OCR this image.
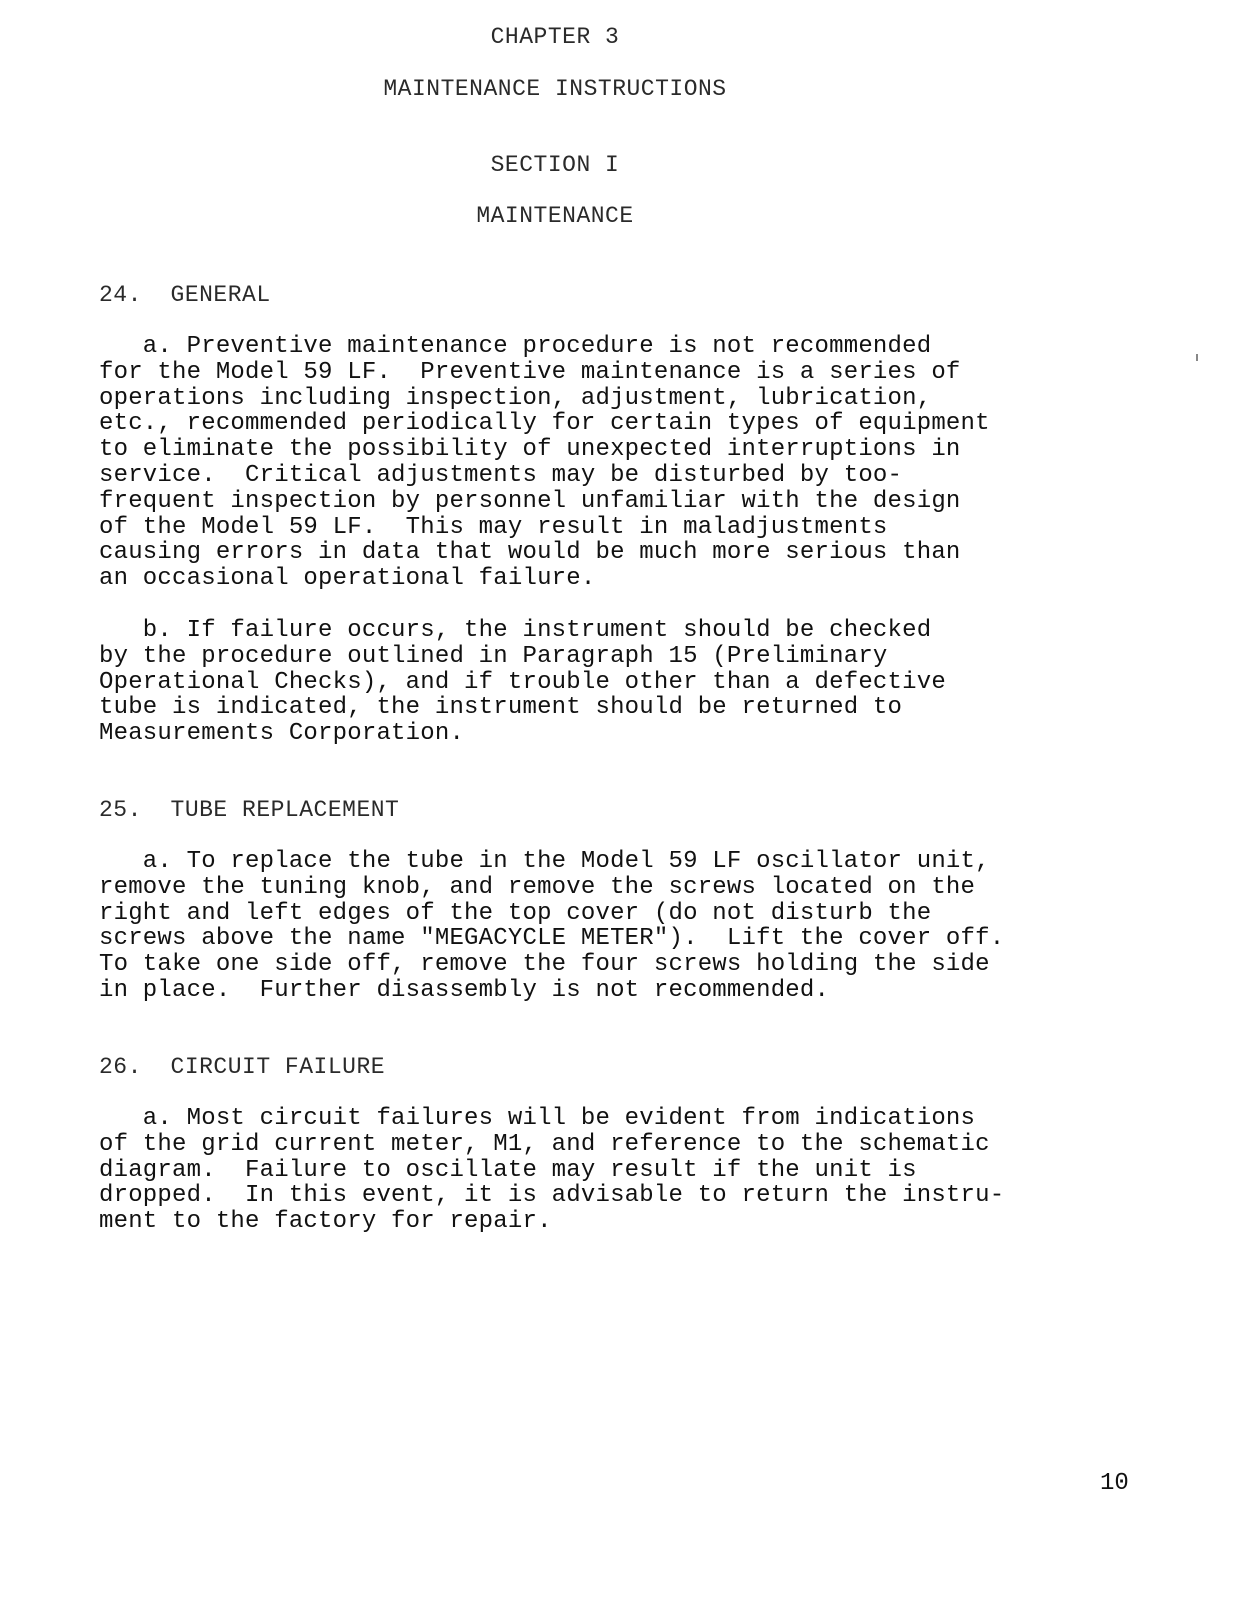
CHAPTER 3
MAINTENANCE INSTRUCTIONS
SECTION I
MAINTENANCE
24.  GENERAL
a. Preventive maintenance procedure is not recommended
for the Model 59 LF.  Preventive maintenance is a series of
operations including inspection, adjustment, lubrication,
etc., recommended periodically for certain types of equipment
to eliminate the possibility of unexpected interruptions in
service.  Critical adjustments may be disturbed by too-
frequent inspection by personnel unfamiliar with the design
of the Model 59 LF.  This may result in maladjustments
causing errors in data that would be much more serious than
an occasional operational failure.
b. If failure occurs, the instrument should be checked
by the procedure outlined in Paragraph 15 (Preliminary
Operational Checks), and if trouble other than a defective
tube is indicated, the instrument should be returned to
Measurements Corporation.
25.  TUBE REPLACEMENT
a. To replace the tube in the Model 59 LF oscillator unit,
remove the tuning knob, and remove the screws located on the
right and left edges of the top cover (do not disturb the
screws above the name "MEGACYCLE METER").  Lift the cover off.
To take one side off, remove the four screws holding the side
in place.  Further disassembly is not recommended.
26.  CIRCUIT FAILURE
a. Most circuit failures will be evident from indications
of the grid current meter, M1, and reference to the schematic
diagram.  Failure to oscillate may result if the unit is
dropped.  In this event, it is advisable to return the instru-
ment to the factory for repair.
10
